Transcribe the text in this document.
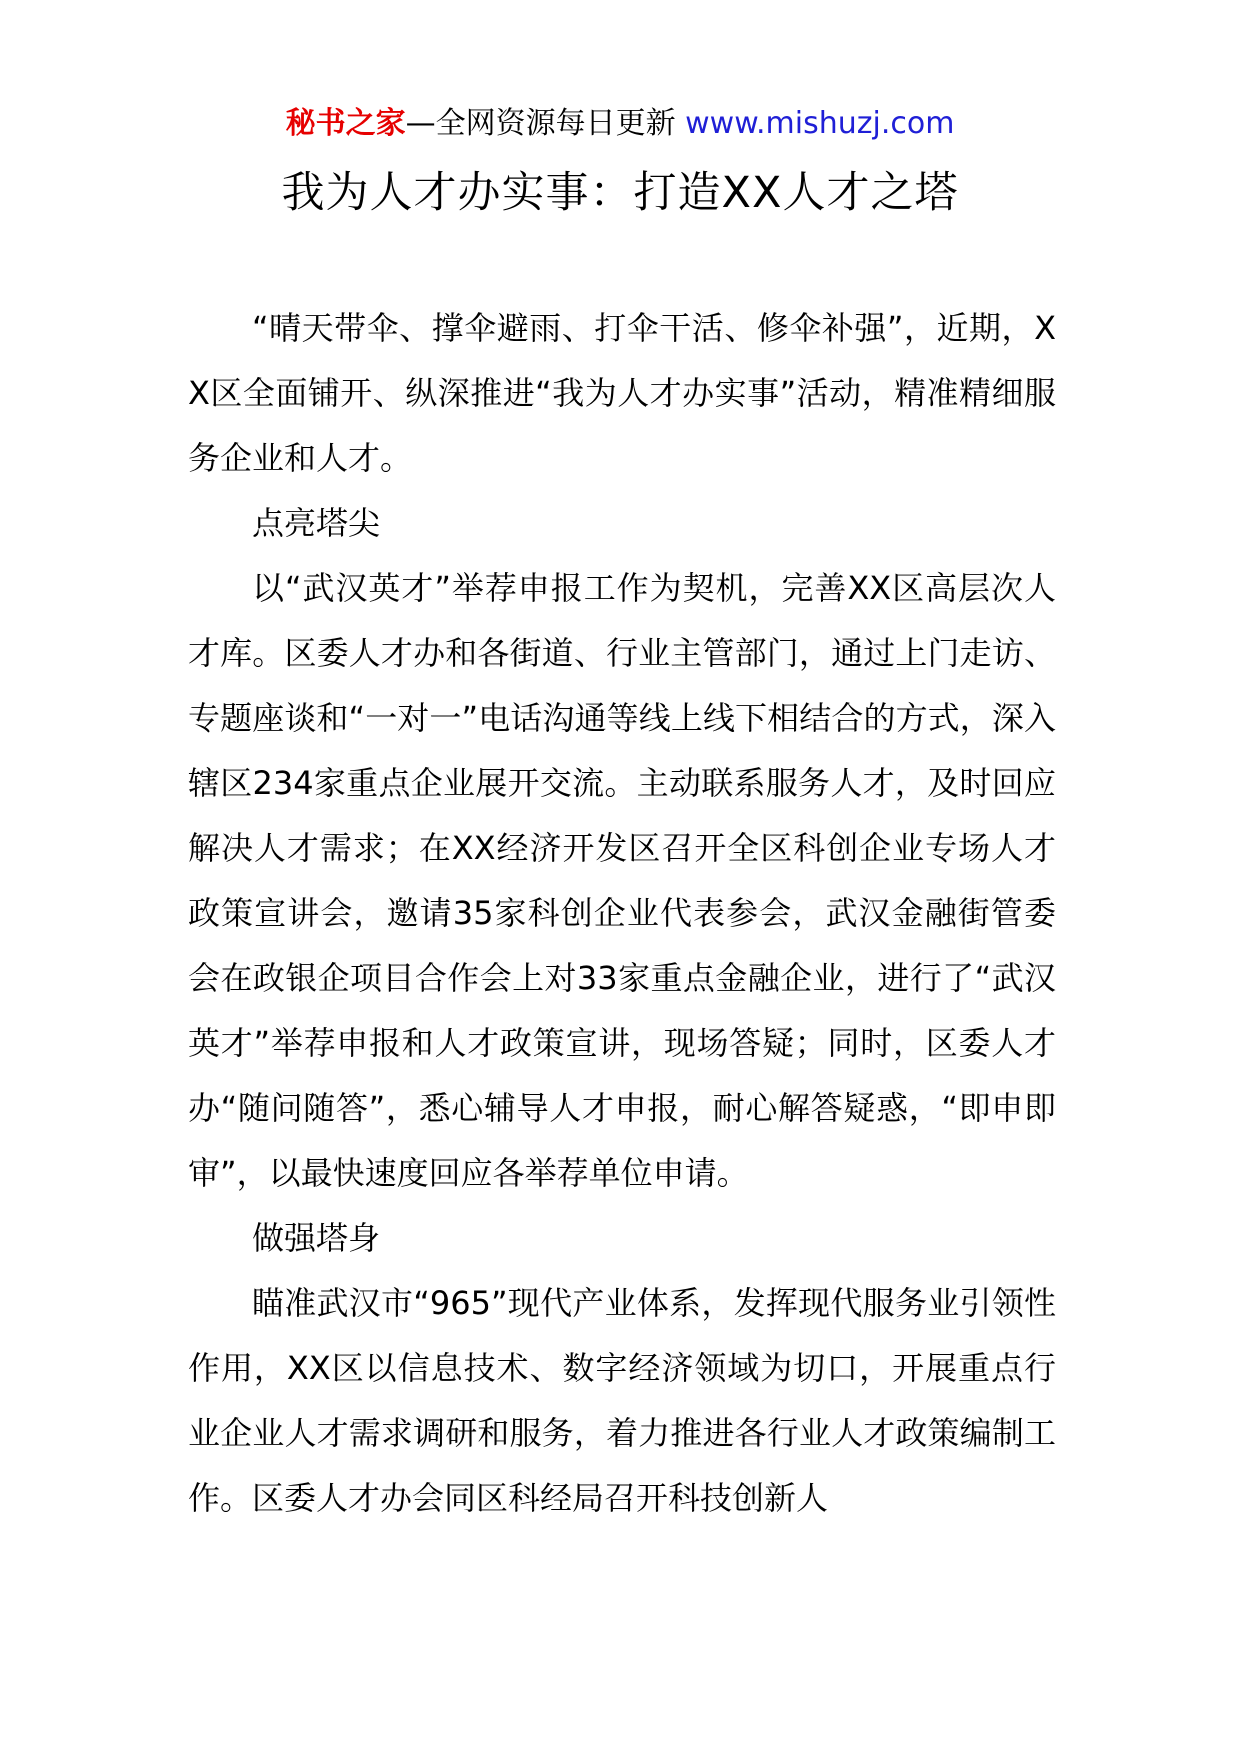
秘书之家—全网资源每日更新 www.mishuzj.com
我为人才办实事：打造XX人才之塔

“晴天带伞、撑伞避雨、打伞干活、修伞补强”，近期，XX区全面铺开、纵深推进“我为人才办实事”活动，精准精细服务企业和人才。

点亮塔尖

以“武汉英才”举荐申报工作为契机，完善XX区高层次人才库。区委人才办和各街道、行业主管部门，通过上门走访、专题座谈和“一对一”电话沟通等线上线下相结合的方式，深入辖区234家重点企业展开交流。主动联系服务人才，及时回应解决人才需求；在XX经济开发区召开全区科创企业专场人才政策宣讲会，邀请35家科创企业代表参会，武汉金融街管委会在政银企项目合作会上对33家重点金融企业，进行了“武汉英才”举荐申报和人才政策宣讲，现场答疑；同时，区委人才办“随问随答”，悉心辅导人才申报，耐心解答疑惑，“即申即审”，以最快速度回应各举荐单位申请。

做强塔身

瞄准武汉市“965”现代产业体系，发挥现代服务业引领性作用，XX区以信息技术、数字经济领域为切口，开展重点行业企业人才需求调研和服务，着力推进各行业人才政策编制工作。区委人才办会同区科经局召开科技创新人
